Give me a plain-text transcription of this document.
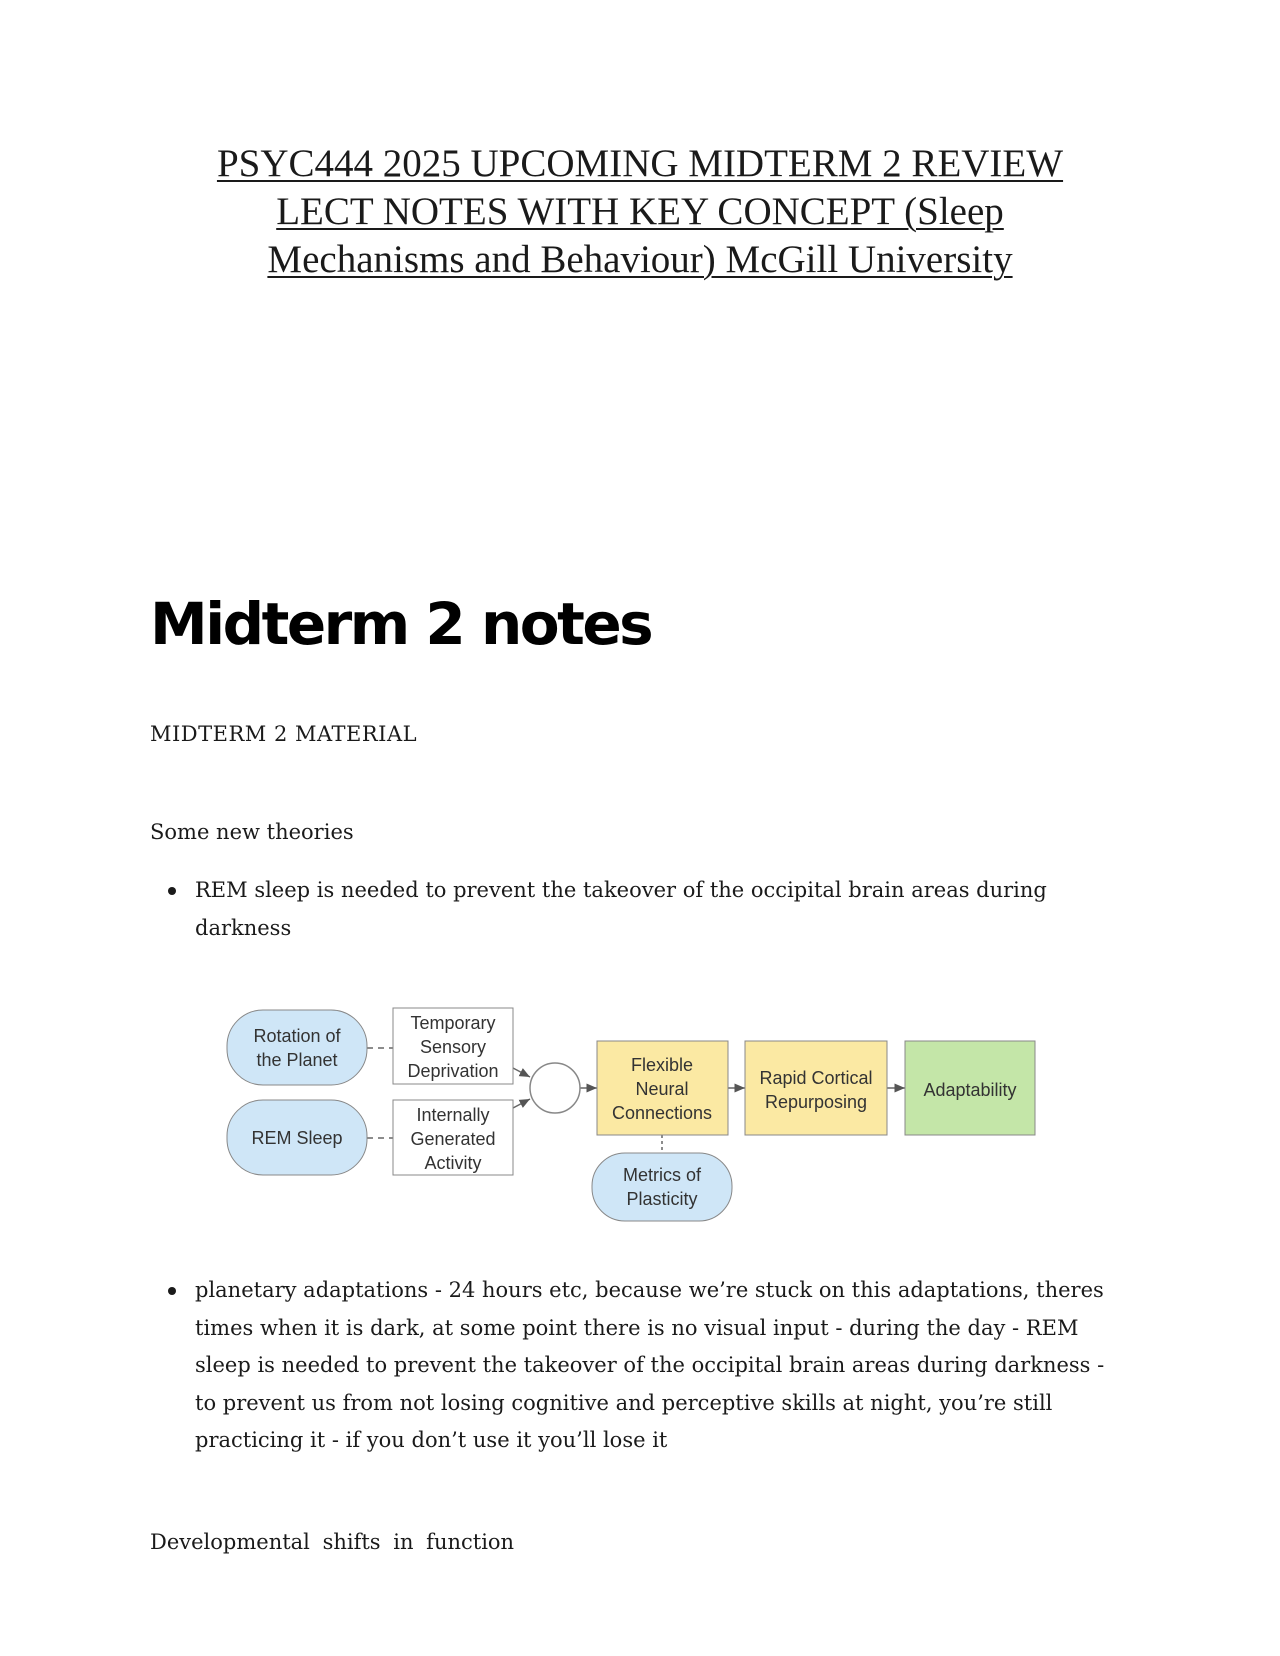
PSYC444 2025 UPCOMING MIDTERM 2 REVIEW
LECT NOTES WITH KEY CONCEPT (Sleep
Mechanisms and Behaviour) McGill University
Midterm 2 notes
MIDTERM 2 MATERIAL
Some new theories
REM sleep is needed to prevent the takeover of the occipital brain areas during darkness
Rotation of
the Planet
REM Sleep
Temporary
Sensory
Deprivation
Internally
Generated
Activity
Flexible
Neural
Connections
Rapid Cortical
Repurposing
Adaptability
Metrics of
Plasticity
planetary adaptations - 24 hours etc, because we’re stuck on this adaptations, theres times when it is dark, at some point there is no visual input - during the day - REM sleep is needed to prevent the takeover of the occipital brain areas during darkness - to prevent us from not losing cognitive and perceptive skills at night, you’re still practicing it - if you don’t use it you’ll lose it
Developmental shifts in function
